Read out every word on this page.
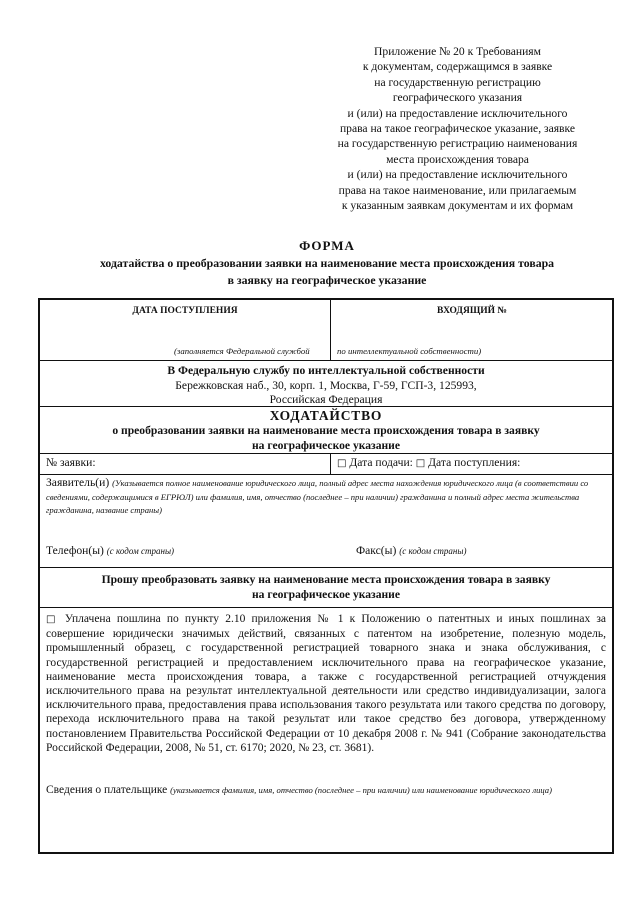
Приложение № 20 к Требованиям
к документам, содержащимся в заявке
на государственную регистрацию
географического указания
и (или) на предоставление исключительного
права на такое географическое указание, заявке
на государственную регистрацию наименования
места происхождения товара
и (или) на предоставление исключительного
права на такое наименование, или прилагаемым
к указанным заявкам документам и их формам
ФОРМА
ходатайства о преобразовании заявки на наименование места происхождения товара
в заявку на географическое указание
ДАТА ПОСТУПЛЕНИЯ	ВХОДЯЩИЙ №
(заполняется Федеральной службой	по интеллектуальной собственности)
В Федеральную службу по интеллектуальной собственности
Бережковская наб., 30, корп. 1, Москва, Г-59, ГСП-3, 125993,
Российская Федерация
ХОДАТАЙСТВО
о преобразовании заявки на наименование места происхождения товара в заявку
на географическое указание
№ заявки:	□ Дата подачи: □ Дата поступления:
Заявитель(и) (Указывается полное наименование юридического лица, полный адрес места нахождения юридического лица (в соответствии со сведениями, содержащимися в ЕГРЮЛ) или фамилия, имя, отчество (последнее – при наличии) гражданина и полный адрес места жительства гражданина, название страны)
Телефон(ы) (с кодом страны)	Факс(ы) (с кодом страны)
Прошу преобразовать заявку на наименование места происхождения товара в заявку
на географическое указание
□ Уплачена пошлина по пункту 2.10 приложения № 1 к Положению о патентных и иных пошлинах за совершение юридически значимых действий, связанных с патентом на изобретение, полезную модель, промышленный образец, с государственной регистрацией товарного знака и знака обслуживания, с государственной регистрацией и предоставлением исключительного права на географическое указание, наименование места происхождения товара, а также с государственной регистрацией отчуждения исключительного права на результат интеллектуальной деятельности или средство индивидуализации, залога исключительного права, предоставления права использования такого результата или такого средства по договору, перехода исключительного права на такой результат или такое средство без договора, утвержденному постановлением Правительства Российской Федерации от 10 декабря 2008 г. № 941 (Собрание законодательства Российской Федерации, 2008, № 51, ст. 6170; 2020, № 23, ст. 3681).
Сведения о плательщике (указывается фамилия, имя, отчество (последнее – при наличии) или наименование юридического лица)
